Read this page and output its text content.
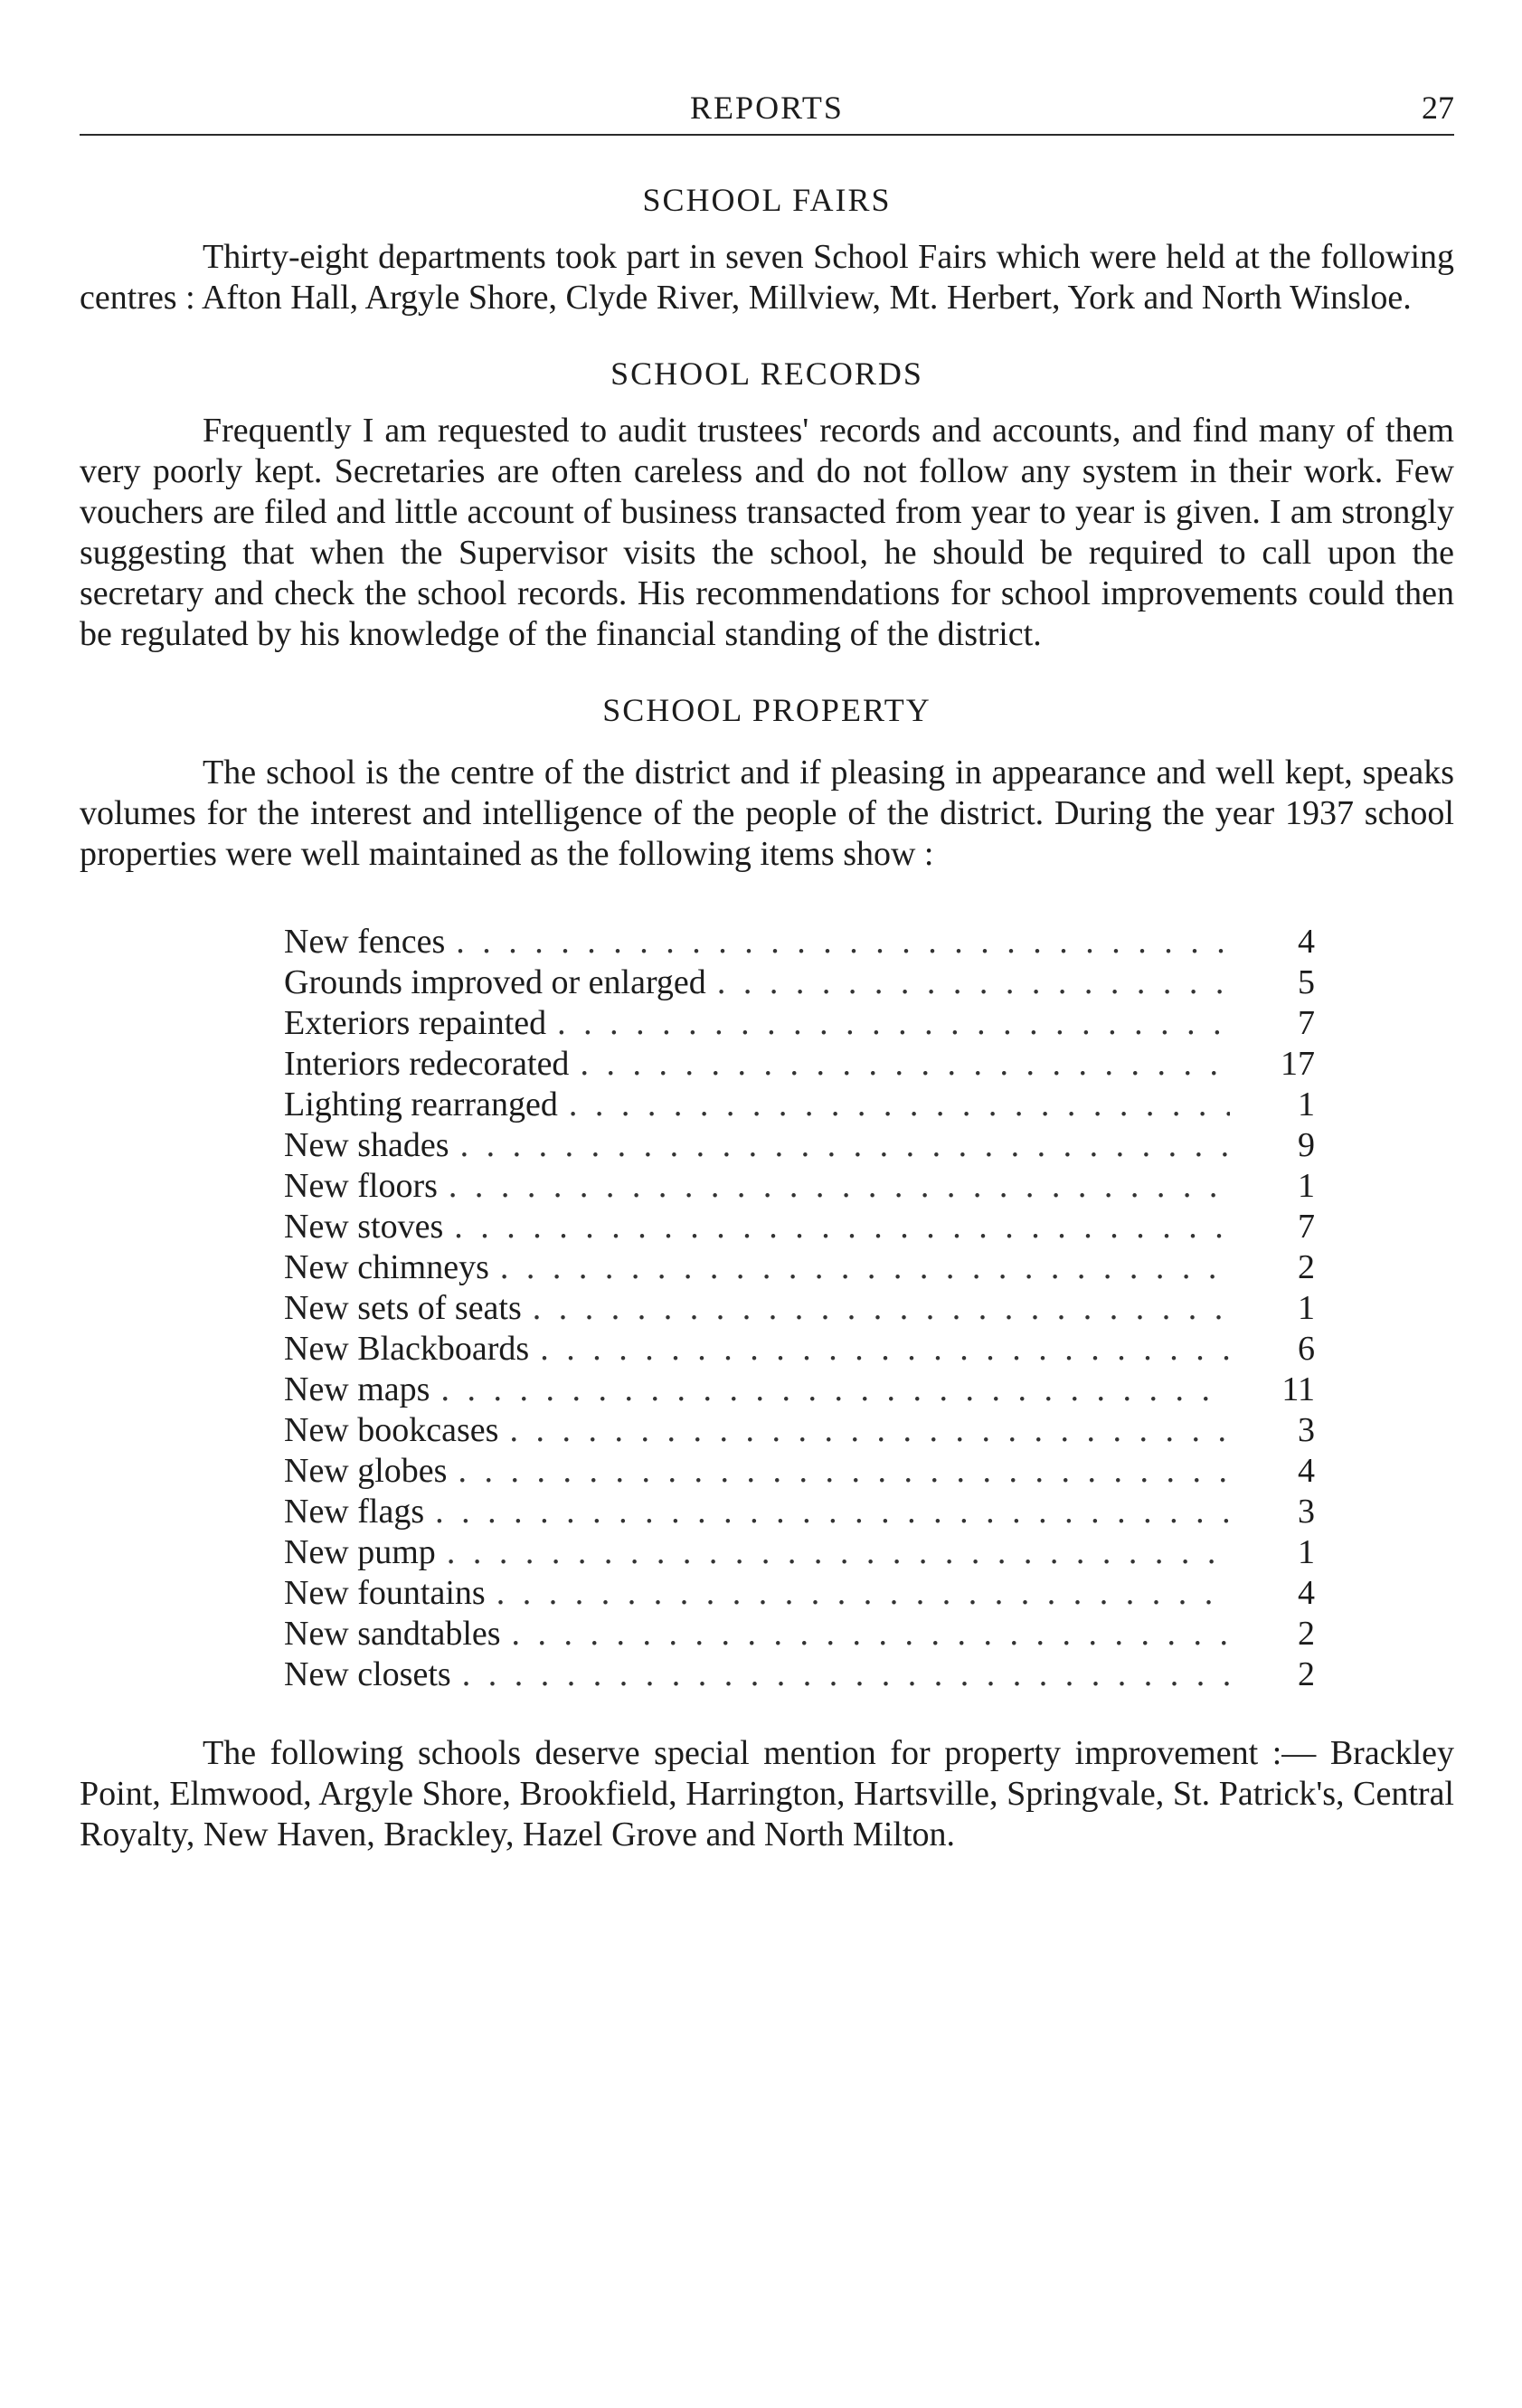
REPORTS	27
SCHOOL FAIRS

Thirty-eight departments took part in seven School Fairs which were held at the following centres : Afton Hall, Argyle Shore, Clyde River, Millview, Mt. Herbert, York and North Winsloe.

SCHOOL RECORDS

Frequently I am requested to audit trustees' records and accounts, and find many of them very poorly kept. Secretaries are often careless and do not follow any system in their work. Few vouchers are filed and little account of business transacted from year to year is given. I am strongly suggesting that when the Supervisor visits the school, he should be required to call upon the secretary and check the school records. His recommendations for school improvements could then be regulated by his knowledge of the financial standing of the district.

SCHOOL PROPERTY

The school is the centre of the district and if pleasing in appearance and well kept, speaks volumes for the interest and intelligence of the people of the district. During the year 1937 school properties were well maintained as the following items show :

New fences . . .	4
Grounds improved or enlarged . . .	5
Exteriors repainted . . .	7
Interiors redecorated . . .	17
Lighting rearranged . . .	1
New shades . . .	9
New floors . . .	1
New stoves . . .	7
New chimneys . . .	2
New sets of seats . . .	1
New Blackboards . . .	6
New maps . . .	11
New bookcases . . .	3
New globes . . .	4
New flags . . .	3
New pump . . .	1
New fountains . . .	4
New sandtables . . .	2
New closets . . .	2

The following schools deserve special mention for property improvement :— Brackley Point, Elmwood, Argyle Shore, Brookfield, Harrington, Hartsville, Springvale, St. Patrick's, Central Royalty, New Haven, Brackley, Hazel Grove and North Milton.
